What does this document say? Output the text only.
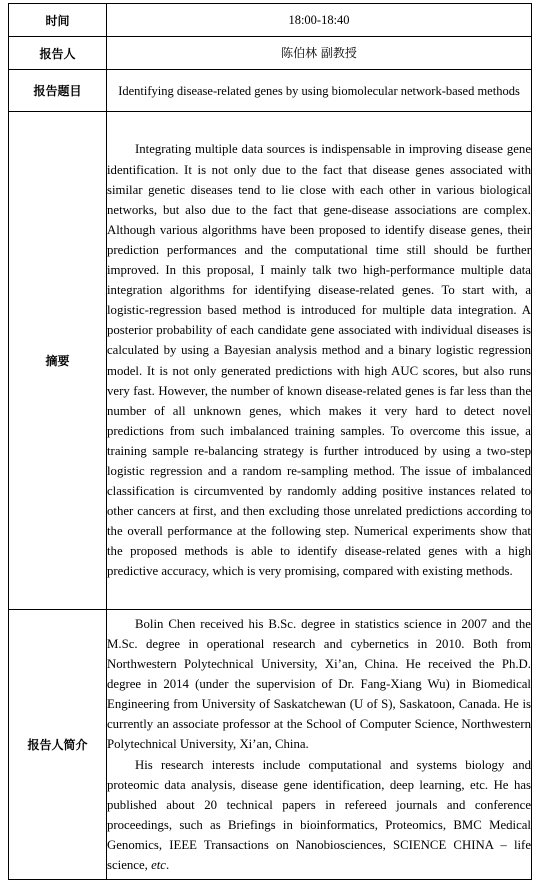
时间	18:00-18:40
报告人	陈伯林 副教授
报告题目	Identifying disease-related genes by using biomolecular network-based methods
摘要	Integrating multiple data sources is indispensable in improving disease gene identification. It is not only due to the fact that disease genes associated with similar genetic diseases tend to lie close with each other in various biological networks, but also due to the fact that gene-disease associations are complex. Although various algorithms have been proposed to identify disease genes, their prediction performances and the computational time still should be further improved. In this proposal, I mainly talk two high-performance multiple data integration algorithms for identifying disease-related genes. To start with, a logistic-regression based method is introduced for multiple data integration. A posterior probability of each candidate gene associated with individual diseases is calculated by using a Bayesian analysis method and a binary logistic regression model. It is not only generated predictions with high AUC scores, but also runs very fast. However, the number of known disease-related genes is far less than the number of all unknown genes, which makes it very hard to detect novel predictions from such imbalanced training samples. To overcome this issue, a training sample re-balancing strategy is further introduced by using a two-step logistic regression and a random re-sampling method. The issue of imbalanced classification is circumvented by randomly adding positive instances related to other cancers at first, and then excluding those unrelated predictions according to the overall performance at the following step. Numerical experiments show that the proposed methods is able to identify disease-related genes with a high predictive accuracy, which is very promising, compared with existing methods.

报告人简介	Bolin Chen received his B.Sc. degree in statistics science in 2007 and the M.Sc. degree in operational research and cybernetics in 2010. Both from Northwestern Polytechnical University, Xi’an, China. He received the Ph.D. degree in 2014 (under the supervision of Dr. Fang-Xiang Wu) in Biomedical Engineering from University of Saskatchewan (U of S), Saskatoon, Canada. He is currently an associate professor at the School of Computer Science, Northwestern Polytechnical University, Xi’an, China.

His research interests include computational and systems biology and proteomic data analysis, disease gene identification, deep learning, etc. He has published about 20 technical papers in refereed journals and conference proceedings, such as Briefings in bioinformatics, Proteomics, BMC Medical Genomics, IEEE Transactions on Nanobiosciences, SCIENCE CHINA – life science, etc.
